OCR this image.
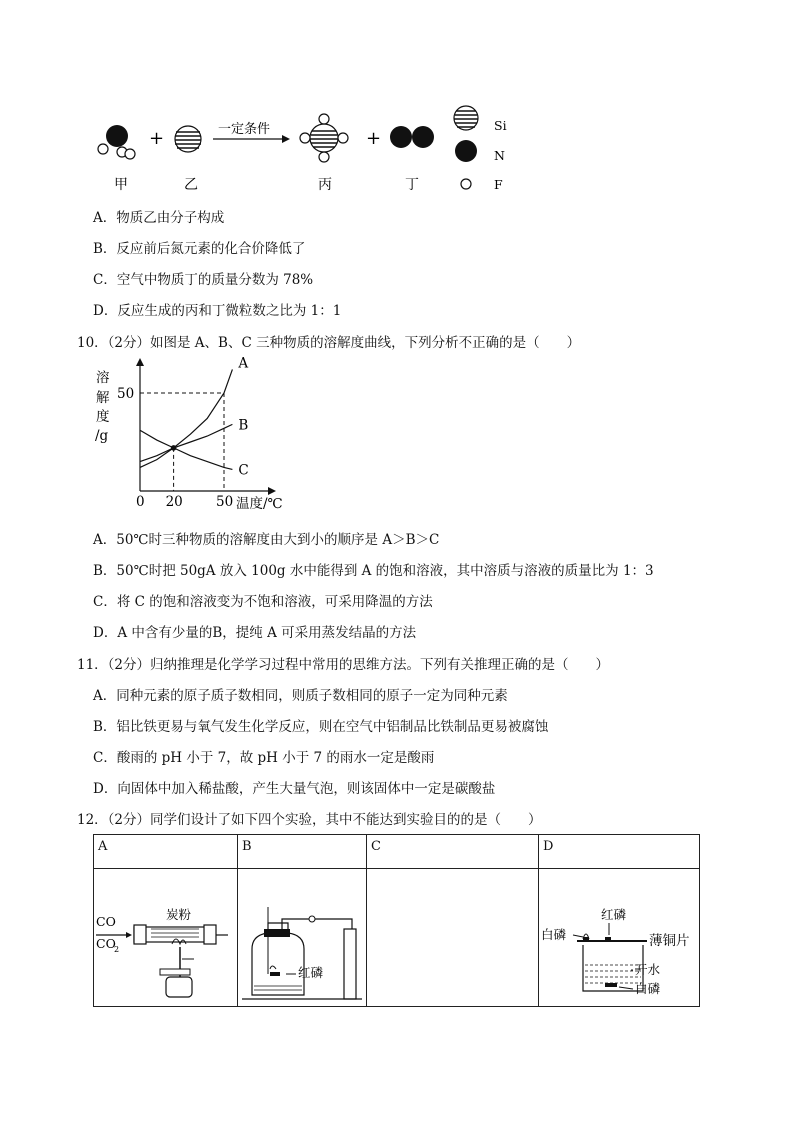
+	一定条件	+
Si
N
F
甲	乙	丙	丁
A．物质乙由分子构成
B．反应前后氮元素的化合价降低了
C．空气中物质丁的质量分数为 78%
D．反应生成的丙和丁微粒数之比为 1：1
10．（2分）如图是 A、B、C 三种物质的溶解度曲线，下列分析不正确的是（　　）
溶
解
度
/g
A
B
C
0 20 50
50
温度/℃
A．50℃时三种物质的溶解度由大到小的顺序是 A＞B＞C
B．50℃时把 50gA 放入 100g 水中能得到 A 的饱和溶液，其中溶质与溶液的质量比为 1：3
C．将 C 的饱和溶液变为不饱和溶液，可采用降温的方法
D．A 中含有少量的B，提纯 A 可采用蒸发结晶的方法
11．（2分）归纳推理是化学学习过程中常用的思维方法。下列有关推理正确的是（　　）
A．同种元素的原子质子数相同，则质子数相同的原子一定为同种元素
B．铝比铁更易与氧气发生化学反应，则在空气中铝制品比铁制品更易被腐蚀
C．酸雨的 pH 小于 7，故 pH 小于 7 的雨水一定是酸雨
D．向固体中加入稀盐酸，产生大量气泡，则该固体中一定是碳酸盐
12．（2分）同学们设计了如下四个实验，其中不能达到实验目的的是（　　）
A	B	C	D

CO
CO
2
炭粉	红磷		白磷
红磷
薄铜片
开水
白磷
